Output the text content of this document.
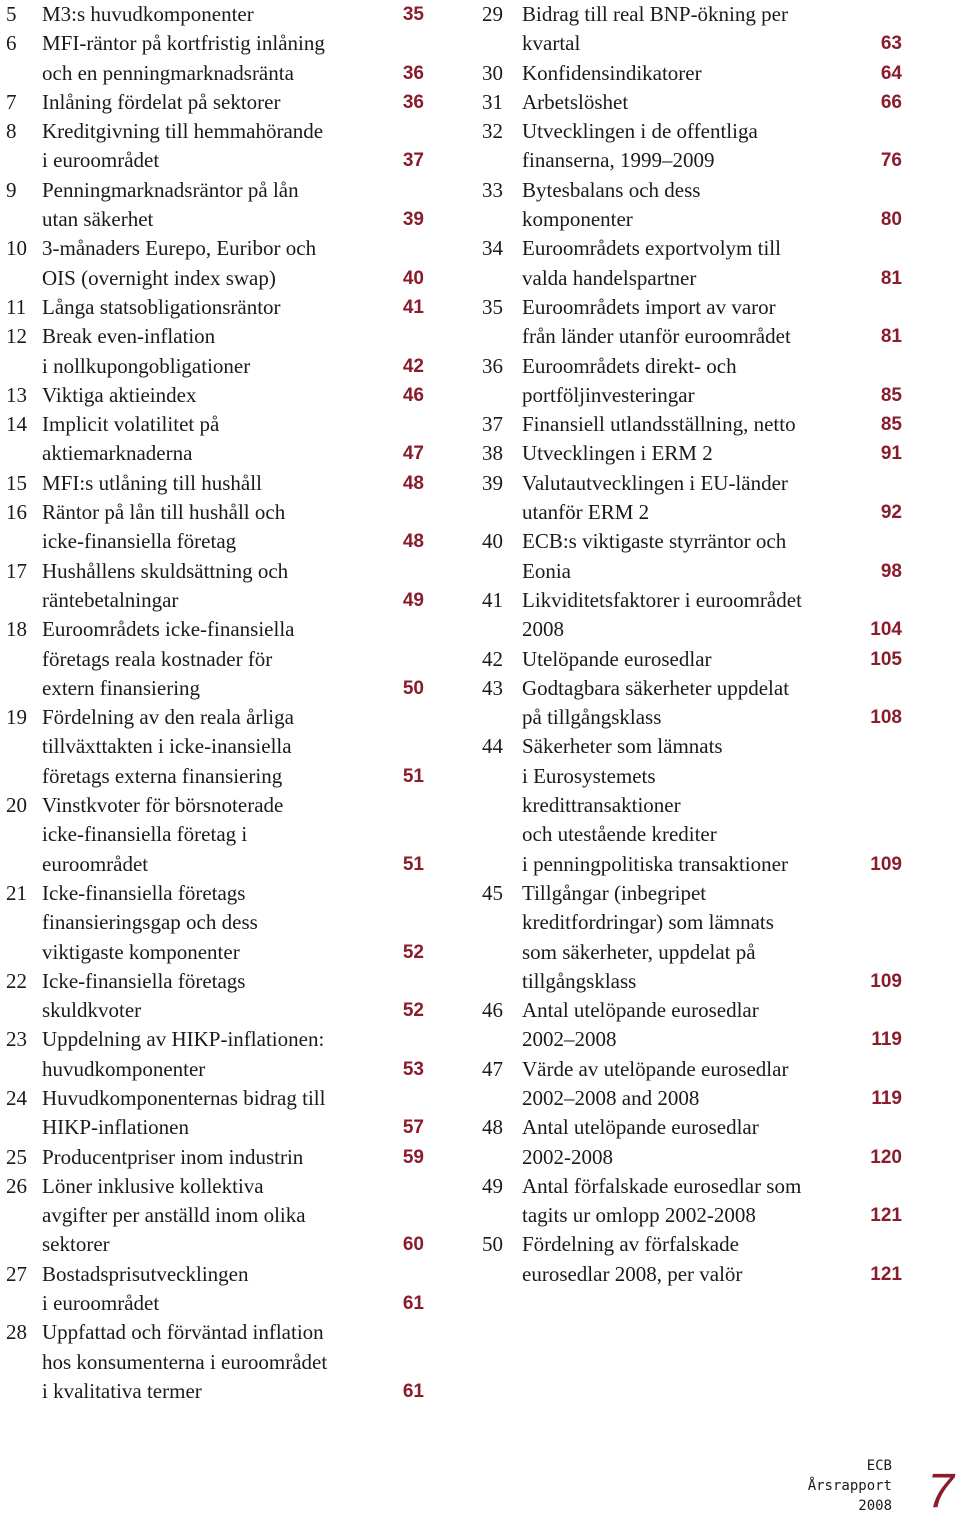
5	M3:s huvudkomponenter	35
6	MFI-räntor på kortfristig inlåning
och en penningmarknadsränta	36
7	Inlåning fördelat på sektorer	36
8	Kreditgivning till hemmahörande
i euroområdet	37
9	Penningmarknadsräntor på lån
utan säkerhet	39
10 3-månaders Eurepo, Euribor och
OIS (overnight index swap)	40
11 Långa statsobligationsräntor	41
12 Break even-inflation
i nollkupongobligationer	42
13 Viktiga aktieindex	46
14 Implicit volatilitet på
aktiemarknaderna	47
15 MFI:s utlåning till hushåll	48
16 Räntor på lån till hushåll och
icke-finansiella företag	48
17 Hushållens skuldsättning och
räntebetalningar	49
18 Euroområdets icke-finansiella
företags reala kostnader för
extern finansiering	50
19 Fördelning av den reala årliga
tillväxttakten i icke-inansiella
företags externa finansiering	51
20 Vinstkvoter för börsnoterade
icke-finansiella företag i
euroområdet	51
21 Icke-finansiella företags
finansieringsgap och dess
viktigaste komponenter	52
22 Icke-finansiella företags
skuldkvoter	52
23 Uppdelning av HIKP-inflationen:
huvudkomponenter	53
24 Huvudkomponenternas bidrag till
HIKP-inflationen	57
25 Producentpriser inom industrin	59
26 Löner inklusive kollektiva
avgifter per anställd inom olika
sektorer	60
27 Bostadsprisutvecklingen
i euroområdet	61
28 Uppfattad och förväntad inflation
hos konsumenterna i euroområdet
i kvalitativa termer	61
29 Bidrag till real BNP-ökning per
kvartal	63
30 Konfidensindikatorer	64
31 Arbetslöshet	66
32 Utvecklingen i de offentliga
finanserna, 1999–2009	76
33 Bytesbalans och dess
komponenter	80
34 Euroområdets exportvolym till
valda handelspartner	81
35 Euroområdets import av varor
från länder utanför euroområdet	81
36 Euroområdets direkt- och
portföljinvesteringar	85
37 Finansiell utlandsställning, netto	85
38 Utvecklingen i ERM 2	91
39 Valutautvecklingen i EU-länder
utanför ERM 2	92
40 ECB:s viktigaste styrräntor och
Eonia	98
41 Likviditetsfaktorer i euroområdet
2008	104
42 Utelöpande eurosedlar	105
43 Godtagbara säkerheter uppdelat
på tillgångsklass	108
44 Säkerheter som lämnats
i Eurosystemets
kredittransaktioner
och utestående krediter
i penningpolitiska transaktioner	109
45 Tillgångar (inbegripet
kreditfordringar) som lämnats
som säkerheter, uppdelat på
tillgångsklass	109
46 Antal utelöpande eurosedlar
2002–2008	119
47 Värde av utelöpande eurosedlar
2002–2008 and 2008	119
48 Antal utelöpande eurosedlar
2002-2008	120
49 Antal förfalskade eurosedlar som
tagits ur omlopp 2002-2008	121
50 Fördelning av förfalskade
eurosedlar 2008, per valör	121
ECB
Årsrapport
2008 7
